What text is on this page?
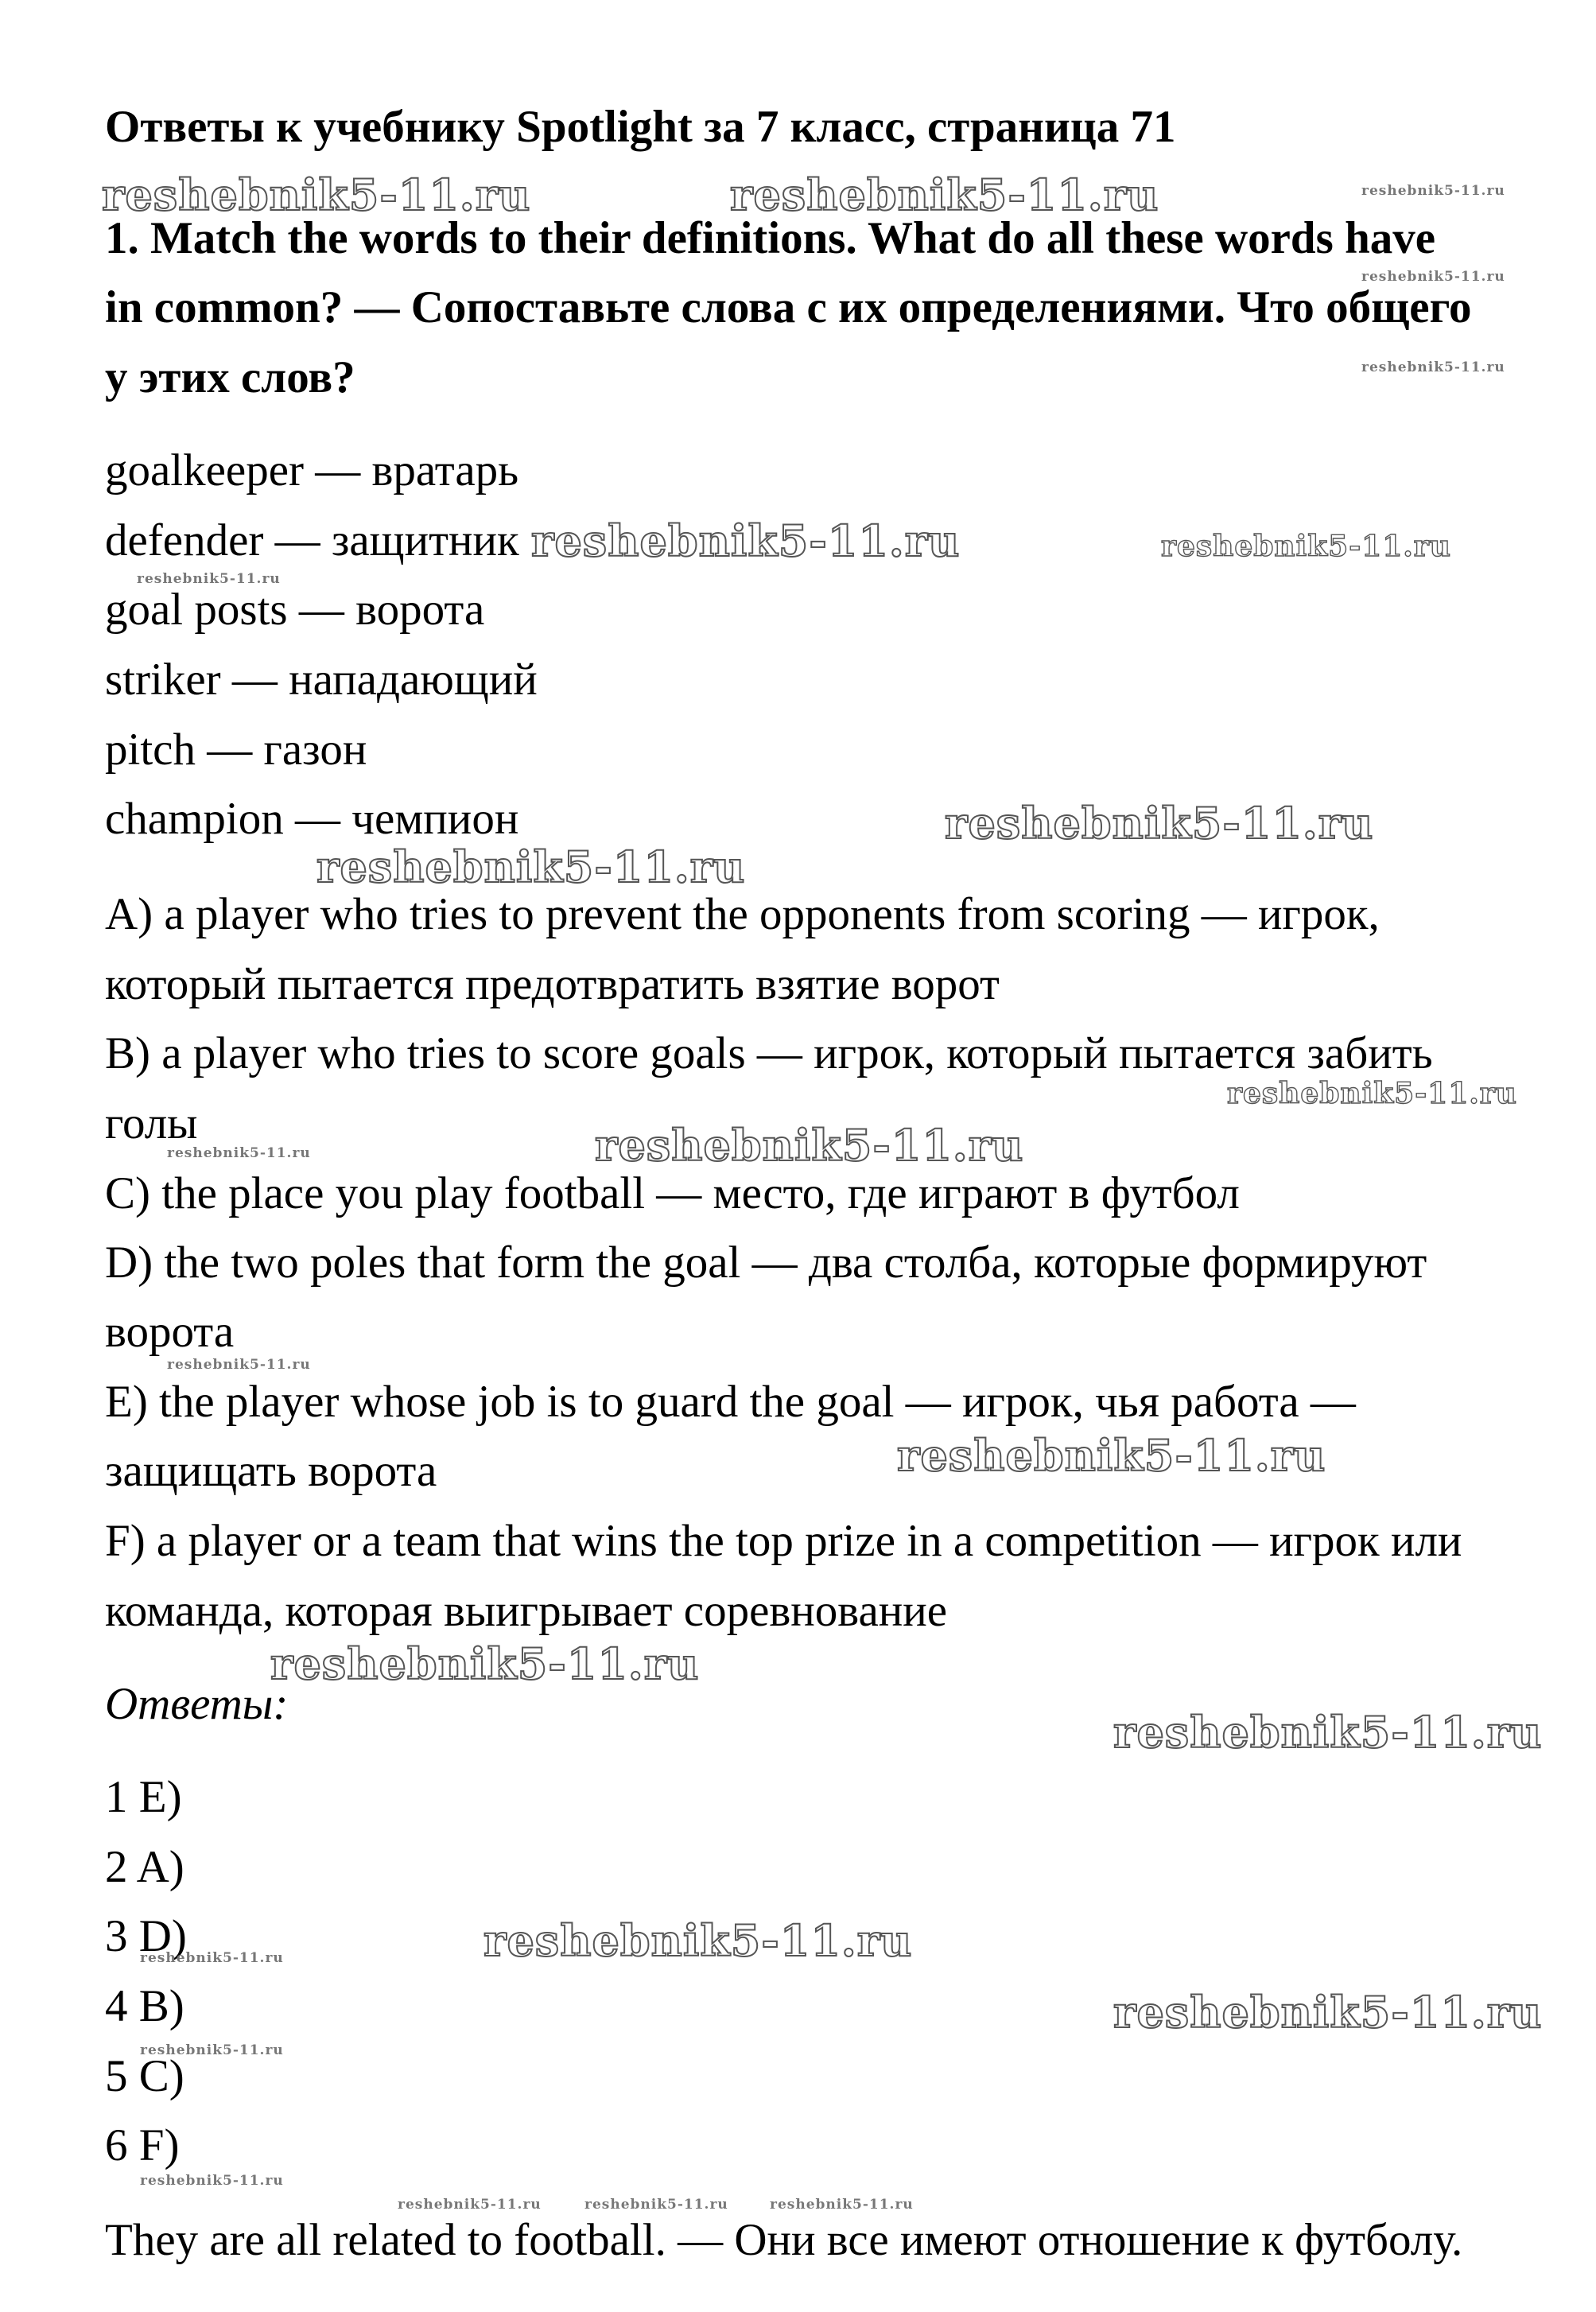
Ответы к учебнику Spotlight за 7 класс, страница 71
1. Match the words to their definitions. What do all these words have
in common? — Сопоставьте слова с их определениями. Что общего
у этих слов?
goalkeeper — вратарь
defender — защитник
goal posts — ворота
striker — нападающий
pitch — газон
champion — чемпион
A) a player who tries to prevent the opponents from scoring — игрок,
который пытается предотвратить взятие ворот
B) a player who tries to score goals — игрок, который пытается забить
голы
C) the place you play football — место, где играют в футбол
D) the two poles that form the goal — два столба, которые формируют
ворота
E) the player whose job is to guard the goal — игрок, чья работа —
защищать ворота
F) a player or a team that wins the top prize in a competition — игрок или
команда, которая выигрывает соревнование
Ответы:
1 E)
2 A)
3 D)
4 B)
5 C)
6 F)
They are all related to football. — Они все имеют отношение к футболу.
reshebnik5-11.ru	reshebnik5-11.ru	reshebnik5-11.ru
reshebnik5-11.ru
reshebnik5-11.ru
reshebnik5-11.ru	reshebnik5-11.ru
reshebnik5-11.ru
reshebnik5-11.ru
reshebnik5-11.ru
reshebnik5-11.ru
reshebnik5-11.ru
reshebnik5-11.ru
reshebnik5-11.ru
reshebnik5-11.ru
reshebnik5-11.ru
reshebnik5-11.ru
reshebnik5-11.ru
reshebnik5-11.ru
reshebnik5-11.ru
reshebnik5-11.ru
reshebnik5-11.ru
reshebnik5-11.ru	reshebnik5-11.ru	reshebnik5-11.ru
